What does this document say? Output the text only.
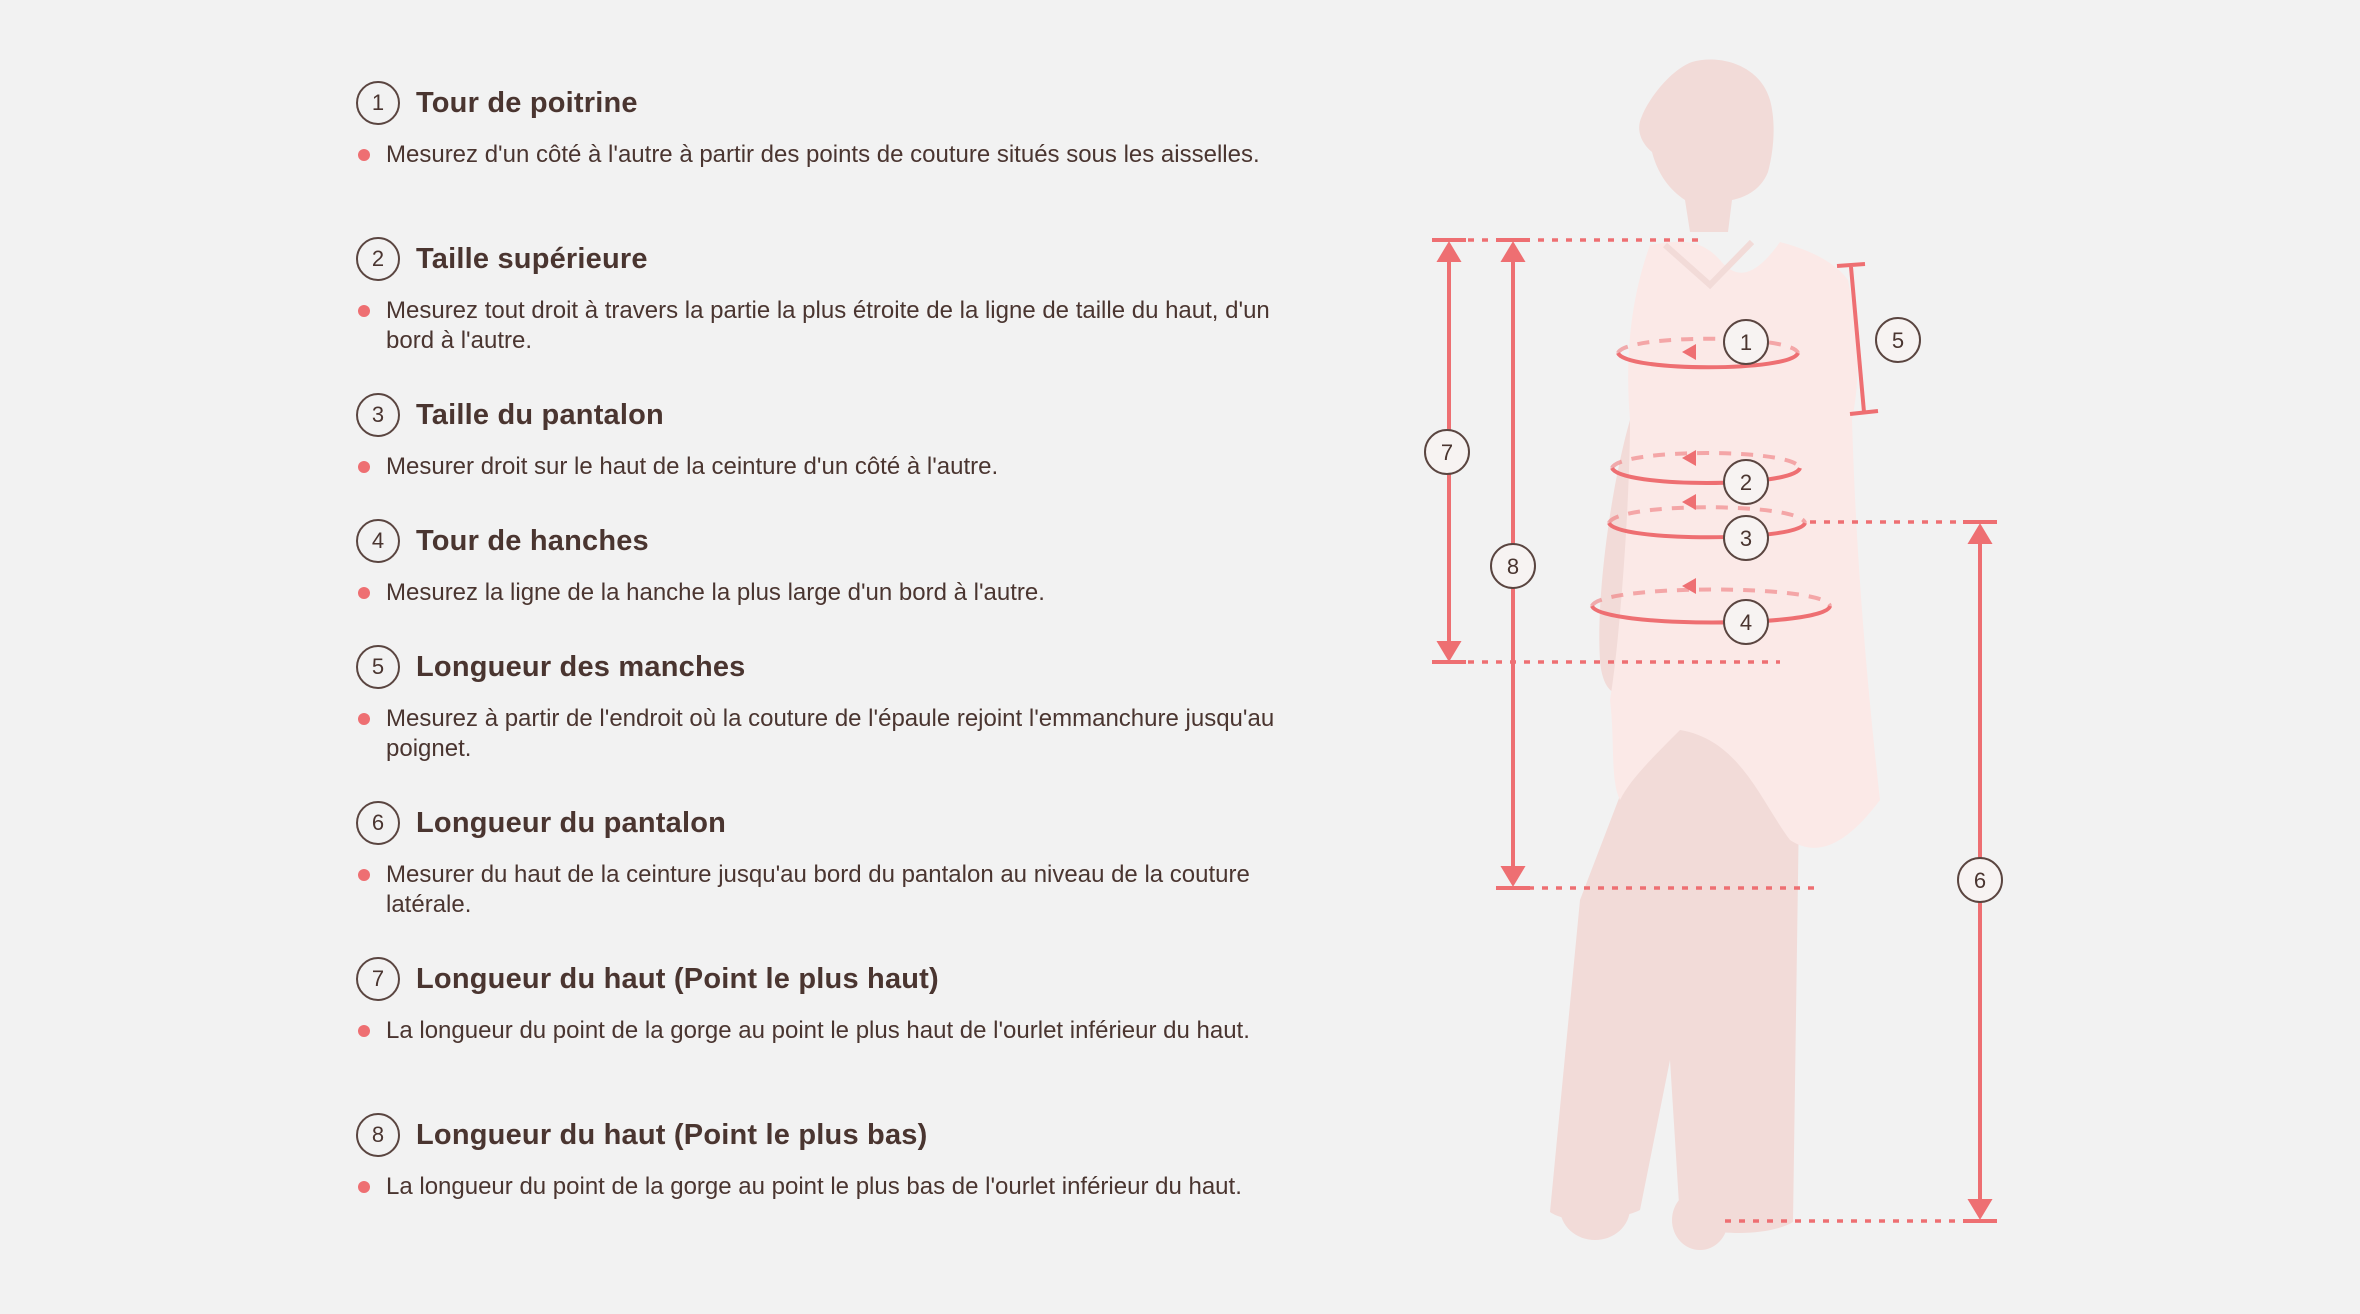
1	Tour de poitrine
Mesurez d'un côté à l'autre à partir des points de couture situés sous les aisselles.
2	Taille supérieure
Mesurez tout droit à travers la partie la plus étroite de la ligne de taille du haut, d'un bord à l'autre.
3	Taille du pantalon
Mesurer droit sur le haut de la ceinture d'un côté à l'autre.
4	Tour de hanches
Mesurez la ligne de la hanche la plus large d'un bord à l'autre.
5	Longueur des manches
Mesurez à partir de l'endroit où la couture de l'épaule rejoint l'emmanchure jusqu'au poignet.
6	Longueur du pantalon
Mesurer du haut de la ceinture jusqu'au bord du pantalon au niveau de la couture latérale.
7	Longueur du haut (Point le plus haut)
La longueur du point de la gorge au point le plus haut de l'ourlet inférieur du haut.
8	Longueur du haut (Point le plus bas)
La longueur du point de la gorge au point le plus bas de l'ourlet inférieur du haut.
1
2
3
4
5
6
7
8
